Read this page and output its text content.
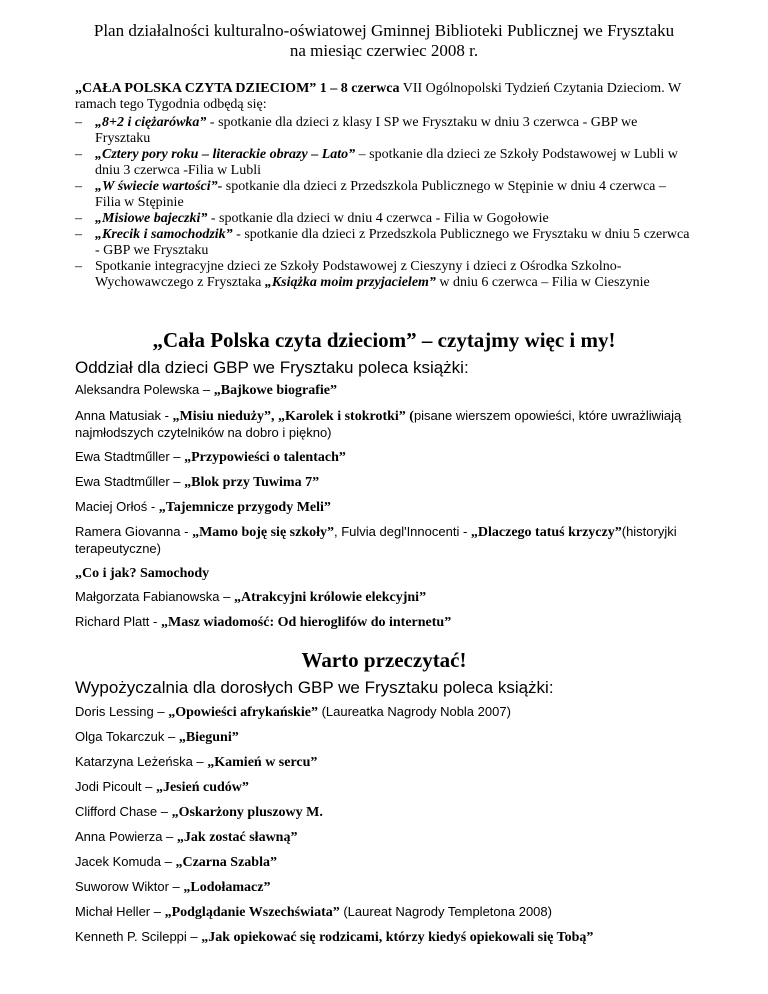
Plan działalności kulturalno-oświatowej Gminnej Biblioteki Publicznej we Frysztaku
na miesiąc czerwiec 2008 r.
„CAŁA POLSKA CZYTA DZIECIOM” 1 – 8 czerwca VII Ogólnopolski Tydzień Czytania Dzieciom. W ramach tego Tygodnia odbędą się:
– „8+2 i ciężarówka” - spotkanie dla dzieci z klasy I SP we Frysztaku w dniu 3 czerwca - GBP we Frysztaku
– „Cztery pory roku – literackie obrazy – Lato” – spotkanie dla dzieci ze Szkoły Podstawowej w Lubli w dniu 3 czerwca -Filia w Lubli
– „W świecie wartości”- spotkanie dla dzieci z Przedszkola Publicznego w Stępinie w dniu 4 czerwca – Filia w Stępinie
– „Misiowe bajeczki” - spotkanie dla dzieci w dniu 4 czerwca - Filia w Gogołowie
– „Krecik i samochodzik” - spotkanie dla dzieci z Przedszkola Publicznego we Frysztaku w dniu 5 czerwca - GBP we Frysztaku
– Spotkanie integracyjne dzieci ze Szkoły Podstawowej z Cieszyny i dzieci z Ośrodka Szkolno-Wychowawczego z Frysztaka „Książka moim przyjacielem” w dniu 6 czerwca – Filia w Cieszynie
„Cała Polska czyta dzieciom” – czytajmy więc i my!
Oddział dla dzieci GBP we Frysztaku poleca książki:
Aleksandra Polewska – „Bajkowe biografie”
Anna Matusiak - „Misiu nieduży”, „Karolek i stokrotki” (pisane wierszem opowieści, które uwrażliwiają najmłodszych czytelników na dobro i piękno)
Ewa Stadtműller – „Przypowieści o talentach”
Ewa Stadtműller – „Blok przy Tuwima 7”
Maciej Orłoś - „Tajemnicze przygody Meli”
Ramera Giovanna - „Mamo boję się szkoły”, Fulvia degl'Innocenti - „Dlaczego tatuś krzyczy”(historyjki terapeutyczne)
„Co i jak? Samochody
Małgorzata Fabianowska – „Atrakcyjni królowie elekcyjni”
Richard Platt - „Masz wiadomość: Od hieroglifów do internetu”
Warto przeczytać!
Wypożyczalnia dla dorosłych GBP we Frysztaku poleca książki:
Doris Lessing – „Opowieści afrykańskie” (Laureatka Nagrody Nobla 2007)
Olga Tokarczuk – „Bieguni”
Katarzyna Leżeńska – „Kamień w sercu”
Jodi Picoult – „Jesień cudów”
Clifford Chase – „Oskarżony pluszowy M.
Anna Powierza – „Jak zostać sławną”
Jacek Komuda – „Czarna Szabla”
Suworow Wiktor – „Lodołamacz”
Michał Heller – „Podglądanie Wszechświata” (Laureat Nagrody Templetona 2008)
Kenneth P. Scileppi – „Jak opiekować się rodzicami, którzy kiedyś opiekowali się Tobą”
